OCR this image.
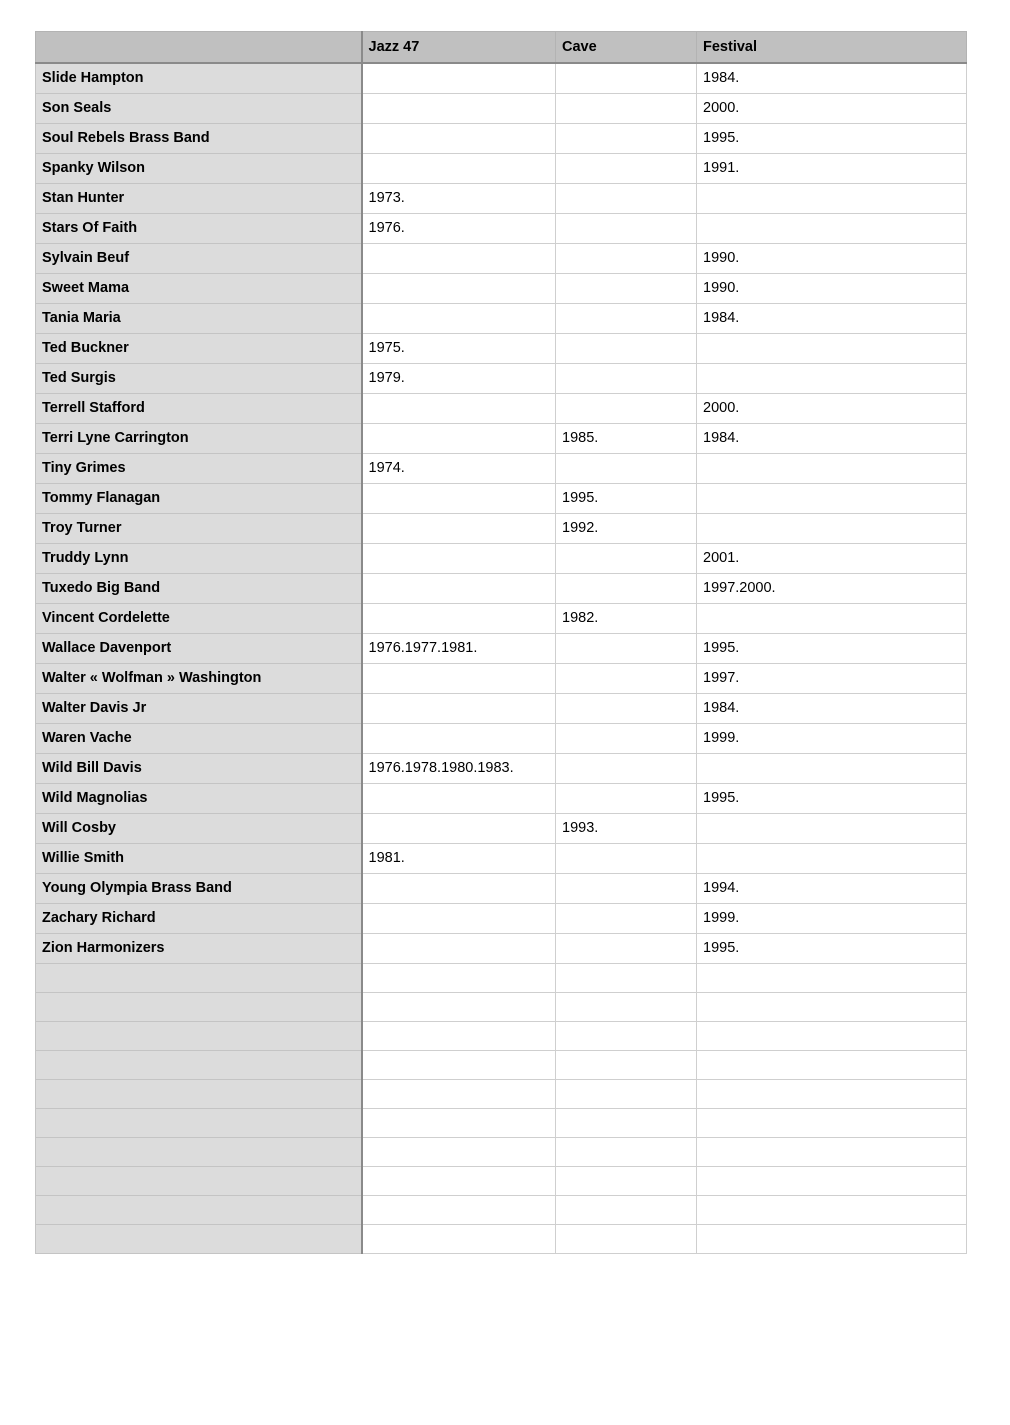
	Jazz 47	Cave	Festival
Slide Hampton			1984.
Son Seals			2000.
Soul Rebels Brass Band			1995.
Spanky Wilson			1991.
Stan Hunter	1973.		
Stars Of Faith	1976.		
Sylvain Beuf			1990.
Sweet Mama			1990.
Tania Maria			1984.
Ted Buckner	1975.		
Ted Surgis	1979.		
Terrell Stafford			2000.
Terri Lyne Carrington		1985.	1984.
Tiny Grimes	1974.		
Tommy Flanagan		1995.	
Troy Turner		1992.	
Truddy Lynn			2001.
Tuxedo Big Band			1997.2000.
Vincent Cordelette		1982.	
Wallace Davenport	1976.1977.1981.		1995.
Walter « Wolfman » Washington			1997.
Walter Davis Jr			1984.
Waren Vache			1999.
Wild Bill Davis	1976.1978.1980.1983.		
Wild Magnolias			1995.
Will Cosby		1993.	
Willie Smith	1981.		
Young Olympia Brass Band			1994.
Zachary Richard			1999.
Zion Harmonizers			1995.
